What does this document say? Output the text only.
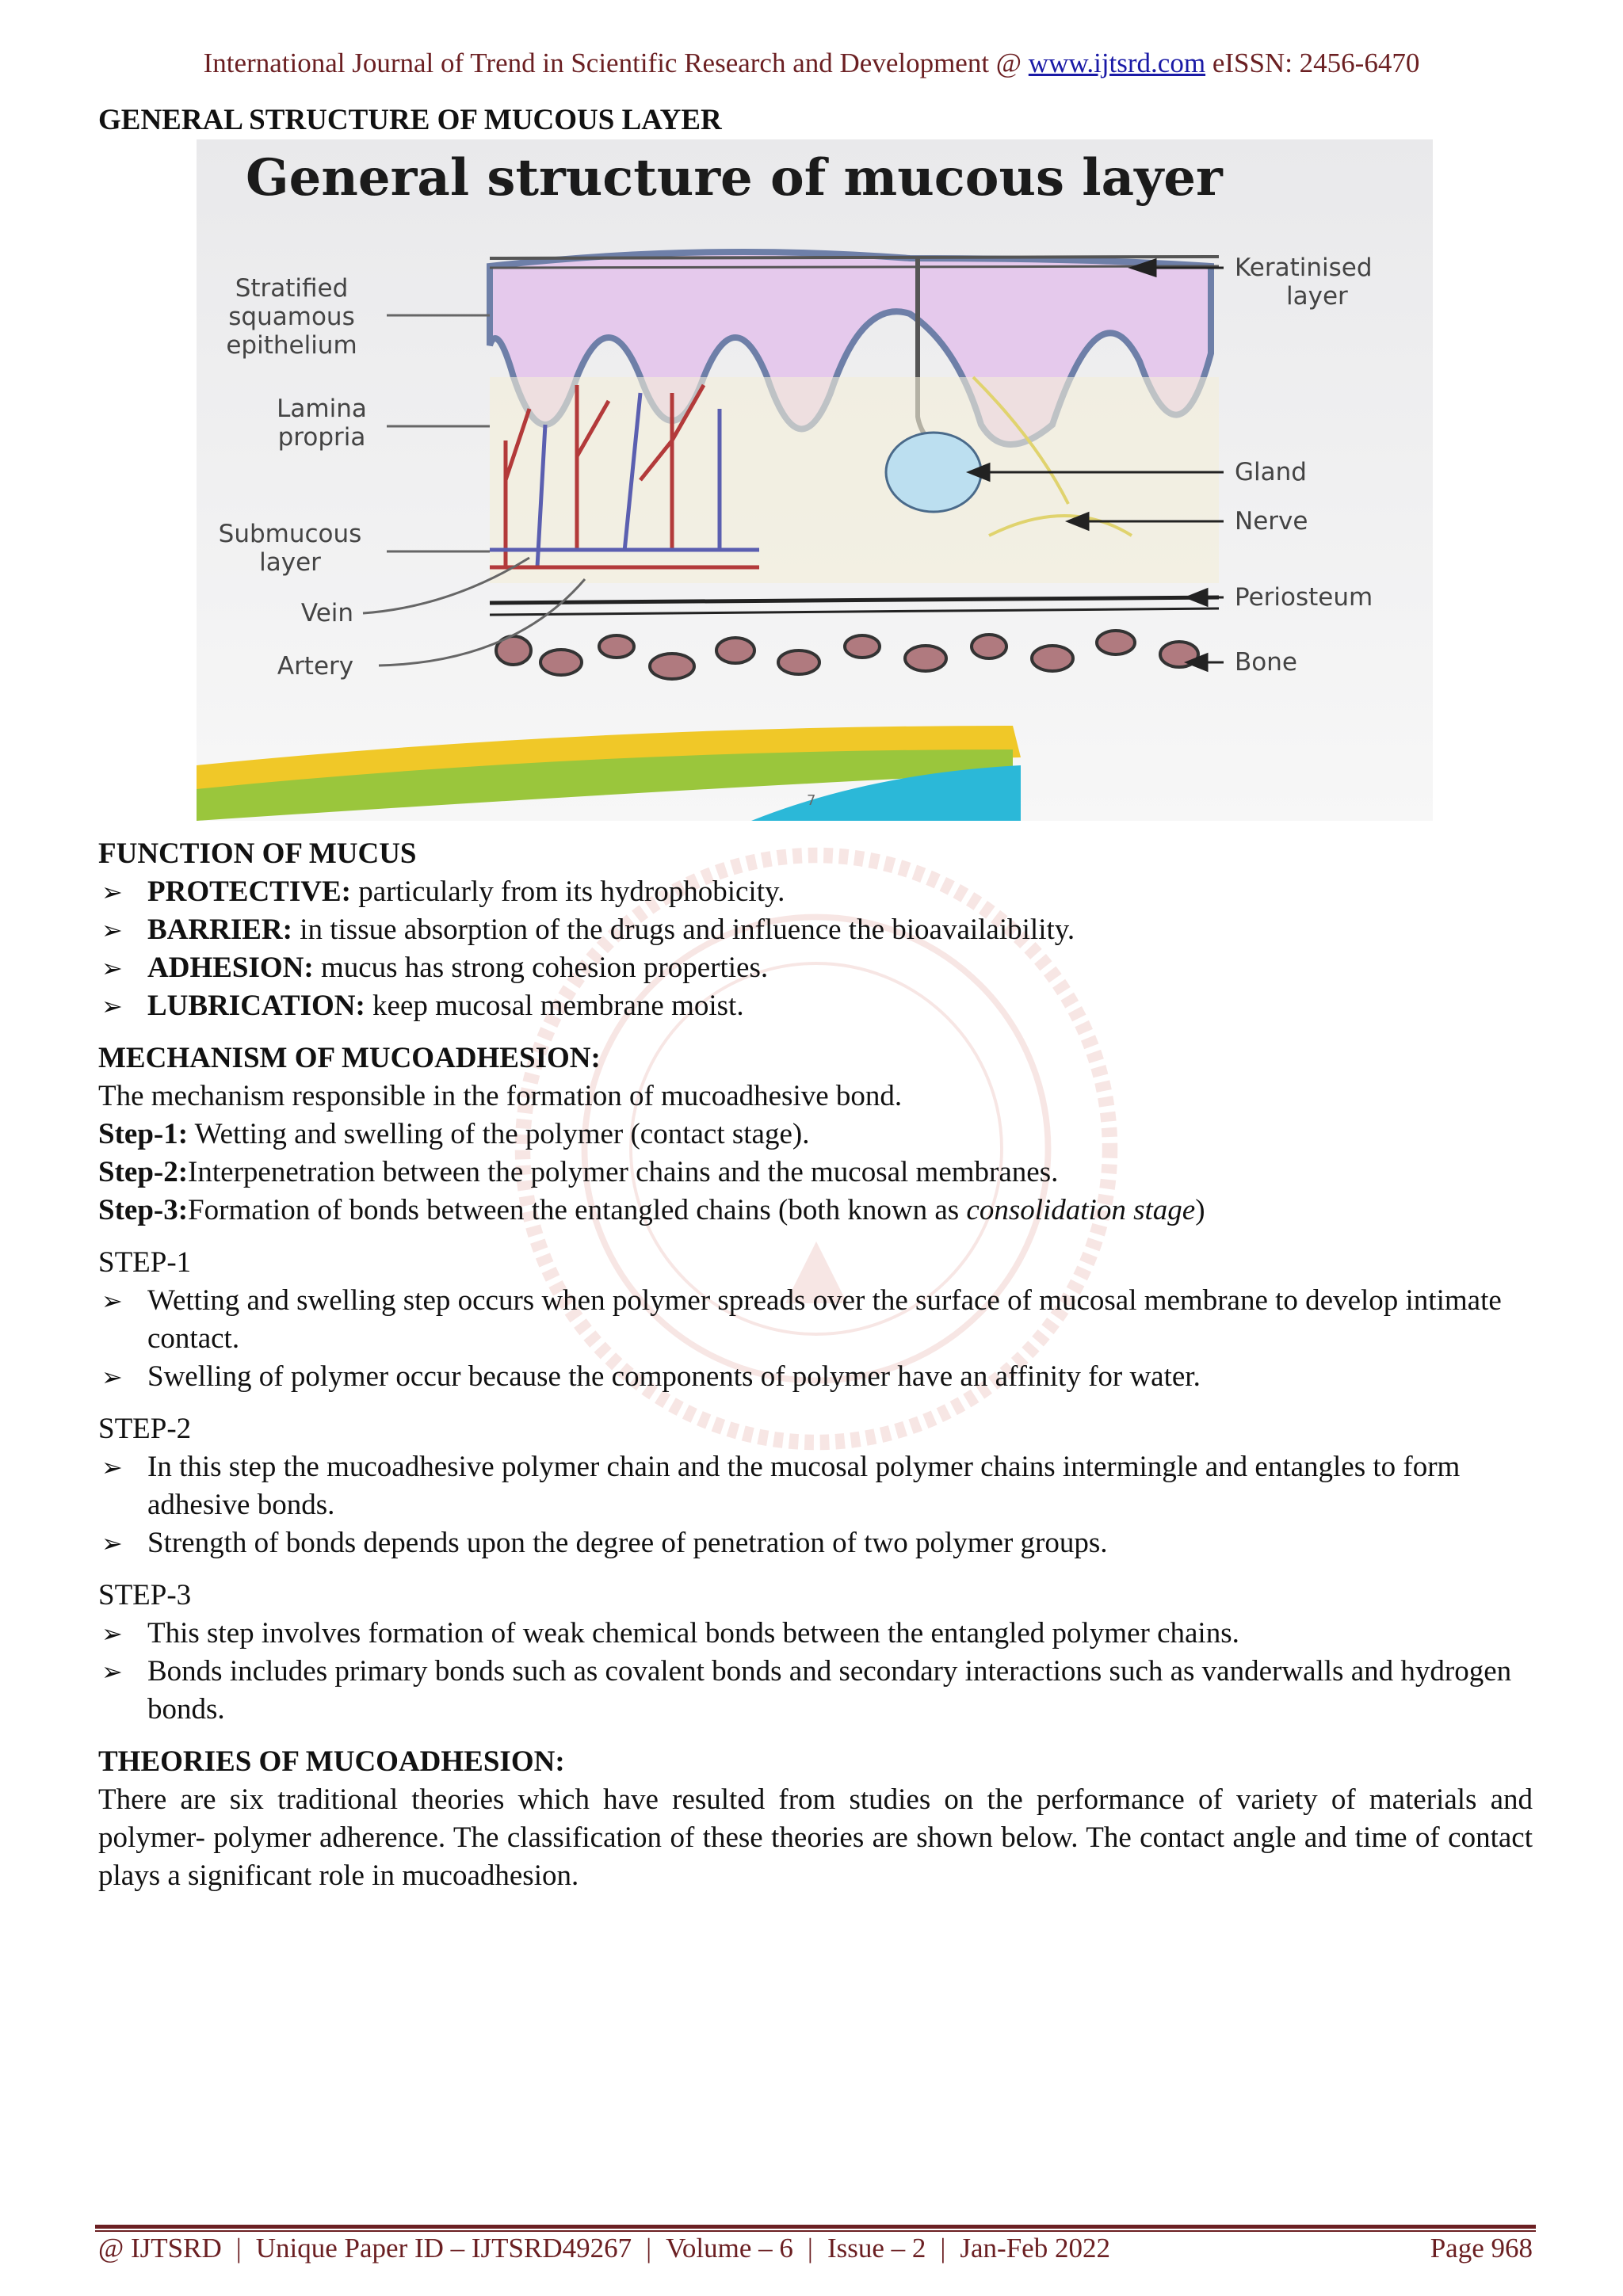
International Journal of Trend in Scientific Research and Development @ www.ijtsrd.com eISSN: 2456-6470
GENERAL STRUCTURE OF MUCOUS LAYER
General structure of mucous layer
7
Stratified
squamous
epithelium
Lamina
propria
Submucous
layer
Vein
Artery
Keratinised
layer
Gland
Nerve
Periosteum
Bone
FUNCTION OF MUCUS
➢ PROTECTIVE: particularly from its hydrophobicity.
➢ BARRIER: in tissue absorption of the drugs and influence the bioavailaibility.
➢ ADHESION: mucus has strong cohesion properties.
➢ LUBRICATION: keep mucosal membrane moist.
MECHANISM OF MUCOADHESION:
The mechanism responsible in the formation of mucoadhesive bond.
Step-1: Wetting and swelling of the polymer (contact stage).
Step-2:Interpenetration between the polymer chains and the mucosal membranes.
Step-3:Formation of bonds between the entangled chains (both known as consolidation stage)
STEP-1
➢ Wetting and swelling step occurs when polymer spreads over the surface of mucosal membrane to develop intimate contact.
➢ Swelling of polymer occur because the components of polymer have an affinity for water.
STEP-2
➢ In this step the mucoadhesive polymer chain and the mucosal polymer chains intermingle and entangles to form adhesive bonds.
➢ Strength of bonds depends upon the degree of penetration of two polymer groups.
STEP-3
➢ This step involves formation of weak chemical bonds between the entangled polymer chains.
➢ Bonds includes primary bonds such as covalent bonds and secondary interactions such as vanderwalls and hydrogen bonds.
THEORIES OF MUCOADHESION:
There are six traditional theories which have resulted from studies on the performance of variety of materials and polymer- polymer adherence. The classification of these theories are shown below. The contact angle and time of contact plays a significant role in mucoadhesion.
@ IJTSRD | Unique Paper ID – IJTSRD49267 | Volume – 6 | Issue – 2 | Jan-Feb 2022	Page 968
